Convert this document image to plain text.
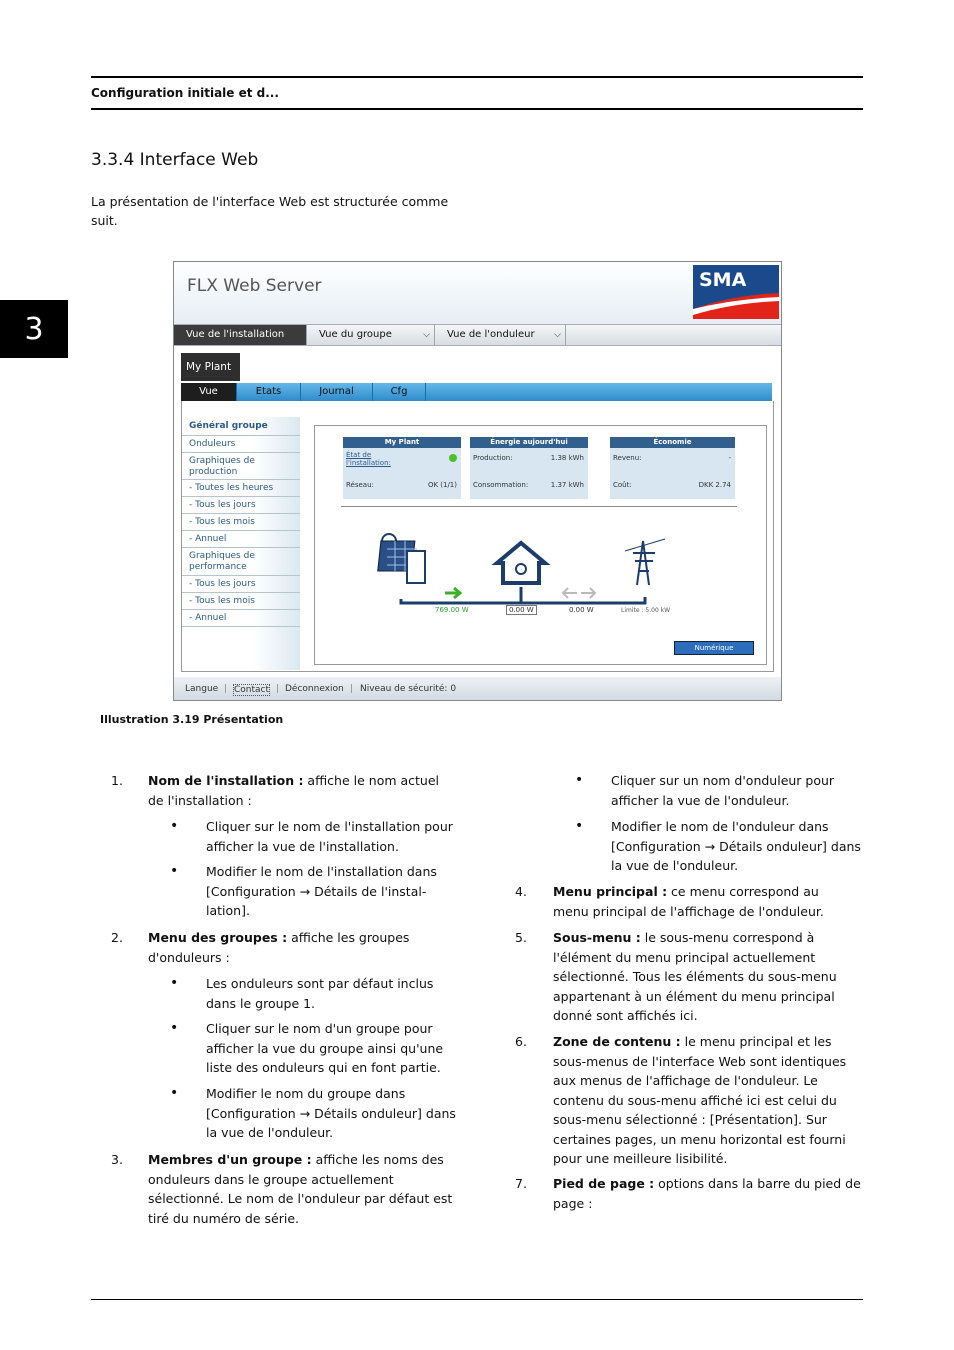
Configuration initiale et d...
3
3.3.4 Interface Web
La présentation de l'interface Web est structurée comme suit.
FLX Web Server	SMA
Vue de l'installation	Vue du groupe	⌵	Vue de l'onduleur ⌵
My Plant
Vue	Etats	Journal	Cfg
Général groupe
Onduleurs
Graphiques de production
- Toutes les heures
- Tous les jours
- Tous les mois
- Annuel
Graphiques de performance
- Tous les jours
- Tous les mois
- Annuel
My Plant
État de l'installation:
Réseau:	OK (1/1)
Énergie aujourd'hui
Production:	1.38 kWh
Consommation:	1.37 kWh
Économie
Revenu:	-
Coût:	DKK 2.74
769.00 W	0.00 W	0.00 W	Limite : 5.00 kW
Numérique
Langue | Contact | Déconnexion | Niveau de sécurité: 0
Illustration 3.19 Présentation
1. Nom de l'installation : affiche le nom actuel de l'installation :
• Cliquer sur le nom de l'installation pour afficher la vue de l'installation.
• Modifier le nom de l'installation dans [Configuration → Détails de l'instal-lation].
2. Menu des groupes : affiche les groupes d'onduleurs :
• Les onduleurs sont par défaut inclus dans le groupe 1.
• Cliquer sur le nom d'un groupe pour afficher la vue du groupe ainsi qu'une liste des onduleurs qui en font partie.
• Modifier le nom du groupe dans [Configuration → Détails onduleur] dans la vue de l'onduleur.
3. Membres d'un groupe : affiche les noms des onduleurs dans le groupe actuellement sélectionné. Le nom de l'onduleur par défaut est tiré du numéro de série.
• Cliquer sur un nom d'onduleur pour afficher la vue de l'onduleur.
• Modifier le nom de l'onduleur dans [Configuration → Détails onduleur] dans la vue de l'onduleur.
4. Menu principal : ce menu correspond au menu principal de l'affichage de l'onduleur.
5. Sous-menu : le sous-menu correspond à l'élément du menu principal actuellement sélectionné. Tous les éléments du sous-menu appartenant à un élément du menu principal donné sont affichés ici.
6. Zone de contenu : le menu principal et les sous-menus de l'interface Web sont identiques aux menus de l'affichage de l'onduleur. Le contenu du sous-menu affiché ici est celui du sous-menu sélectionné : [Présentation]. Sur certaines pages, un menu horizontal est fourni pour une meilleure lisibilité.
7. Pied de page : options dans la barre du pied de page :
